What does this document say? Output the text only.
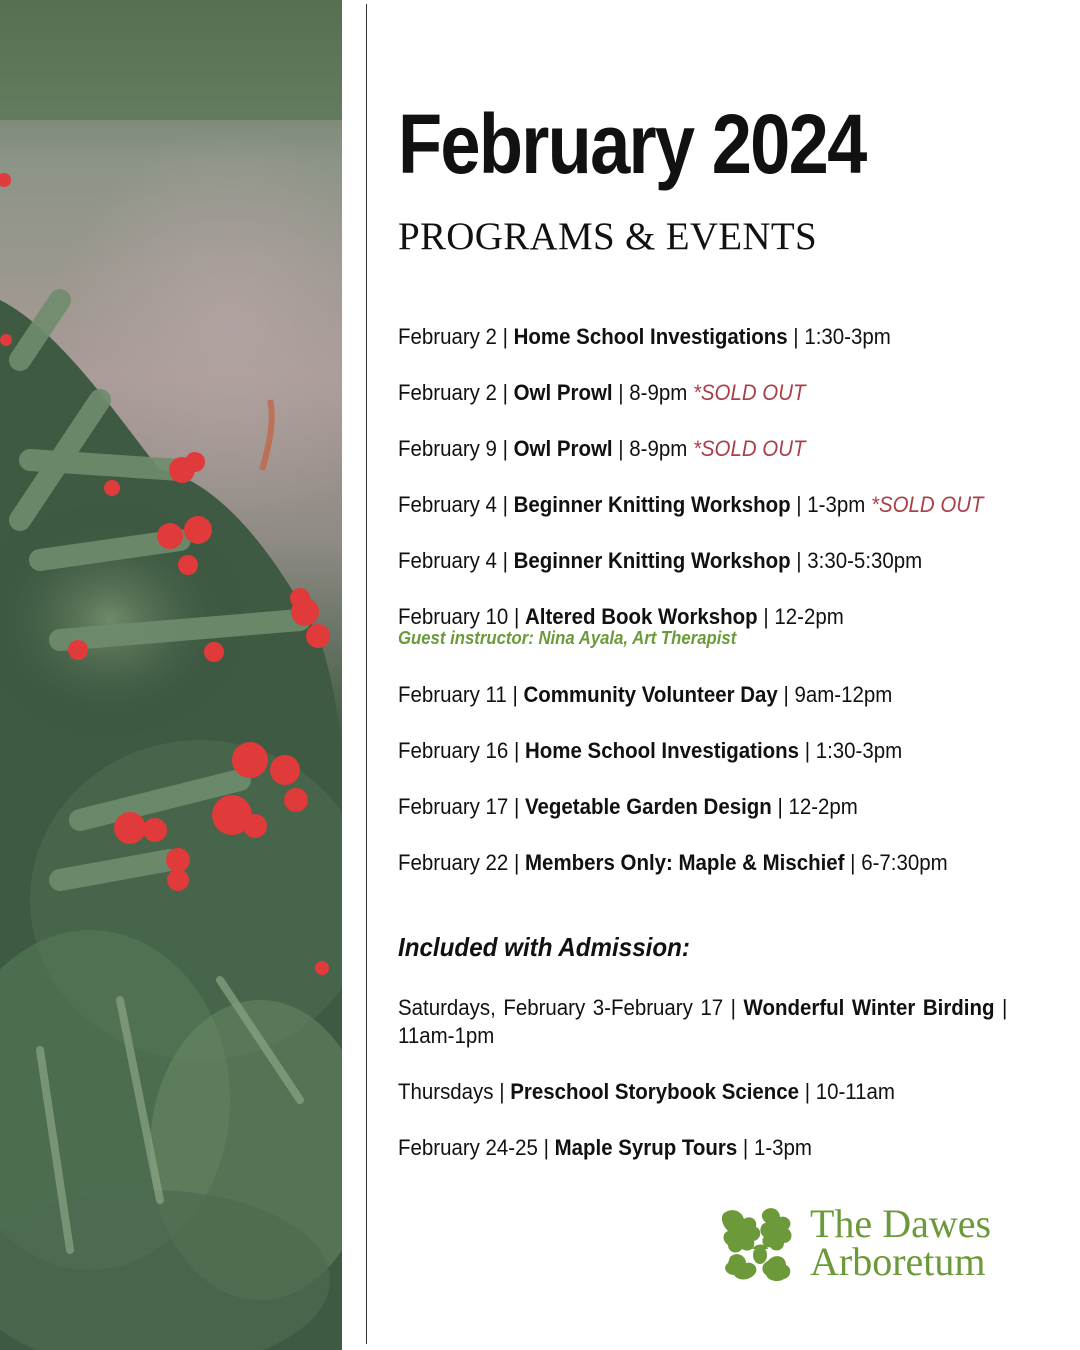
February 2024
PROGRAMS & EVENTS
February 2 | Home School Investigations | 1:30-3pm
February 2 | Owl Prowl | 8-9pm *SOLD OUT
February 9 | Owl Prowl | 8-9pm *SOLD OUT
February 4 | Beginner Knitting Workshop | 1-3pm *SOLD OUT
February 4 | Beginner Knitting Workshop | 3:30-5:30pm
February 10 | Altered Book Workshop | 12-2pm
Guest instructor: Nina Ayala, Art Therapist
February 11 | Community Volunteer Day | 9am-12pm
February 16 | Home School Investigations | 1:30-3pm
February 17 | Vegetable Garden Design | 12-2pm
February 22 | Members Only: Maple & Mischief | 6-7:30pm
Included with Admission:
Saturdays, February 3-February 17 | Wonderful Winter Birding |
11am-1pm
Thursdays | Preschool Storybook Science | 10-11am
February 24-25 | Maple Syrup Tours | 1-3pm
The Dawes
Arboretum
